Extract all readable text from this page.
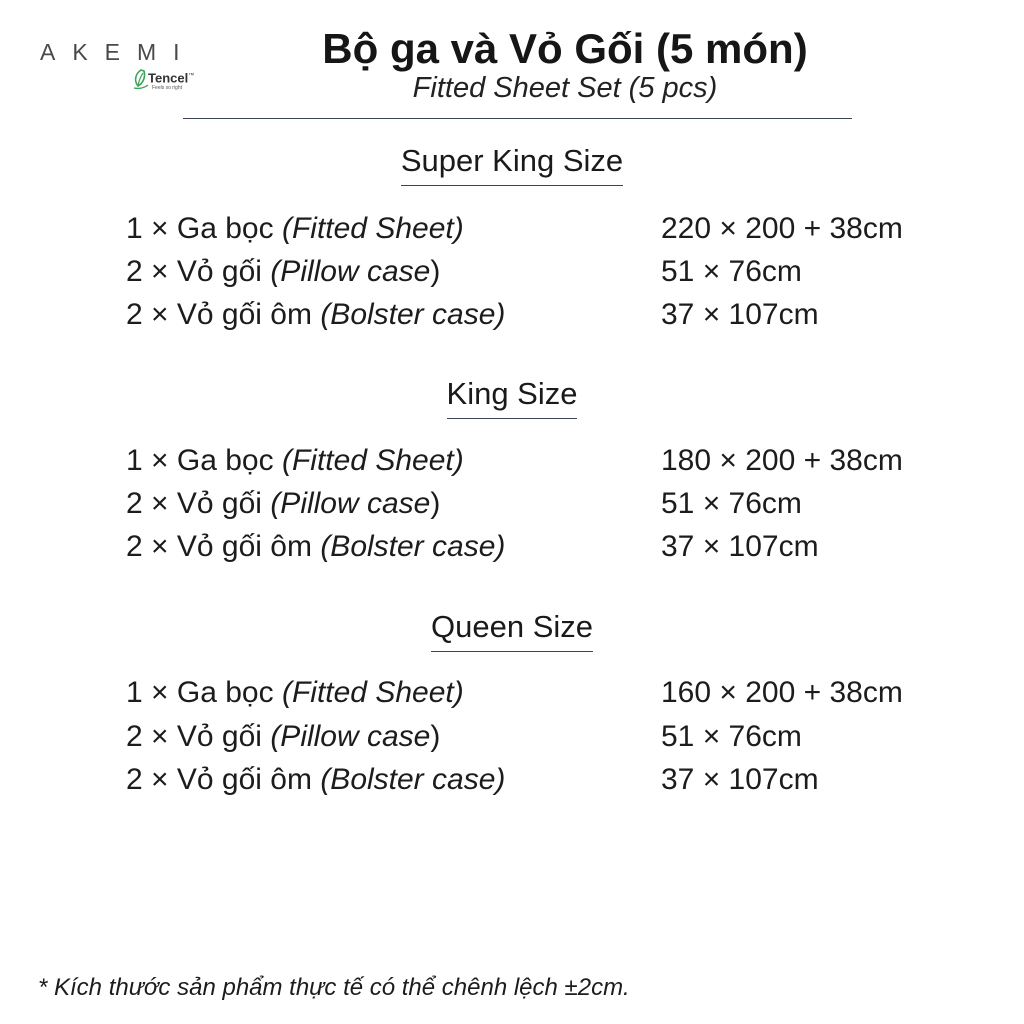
AKEMI
Tencel™
Feels so right
Bộ ga và Vỏ Gối (5 món)
Fitted Sheet Set (5 pcs)
Super King Size
1 × Ga bọc (Fitted Sheet)	220 × 200 + 38cm
2 × Vỏ gối (Pillow case)	51 × 76cm
2 × Vỏ gối ôm (Bolster case)	37 × 107cm
King Size
1 × Ga bọc (Fitted Sheet)	180 × 200 + 38cm
2 × Vỏ gối (Pillow case)	51 × 76cm
2 × Vỏ gối ôm (Bolster case)	37 × 107cm
Queen Size
1 × Ga bọc (Fitted Sheet)	160 × 200 + 38cm
2 × Vỏ gối (Pillow case)	51 × 76cm
2 × Vỏ gối ôm (Bolster case)	37 × 107cm
* Kích thước sản phẩm thực tế có thể chênh lệch ±2cm.
